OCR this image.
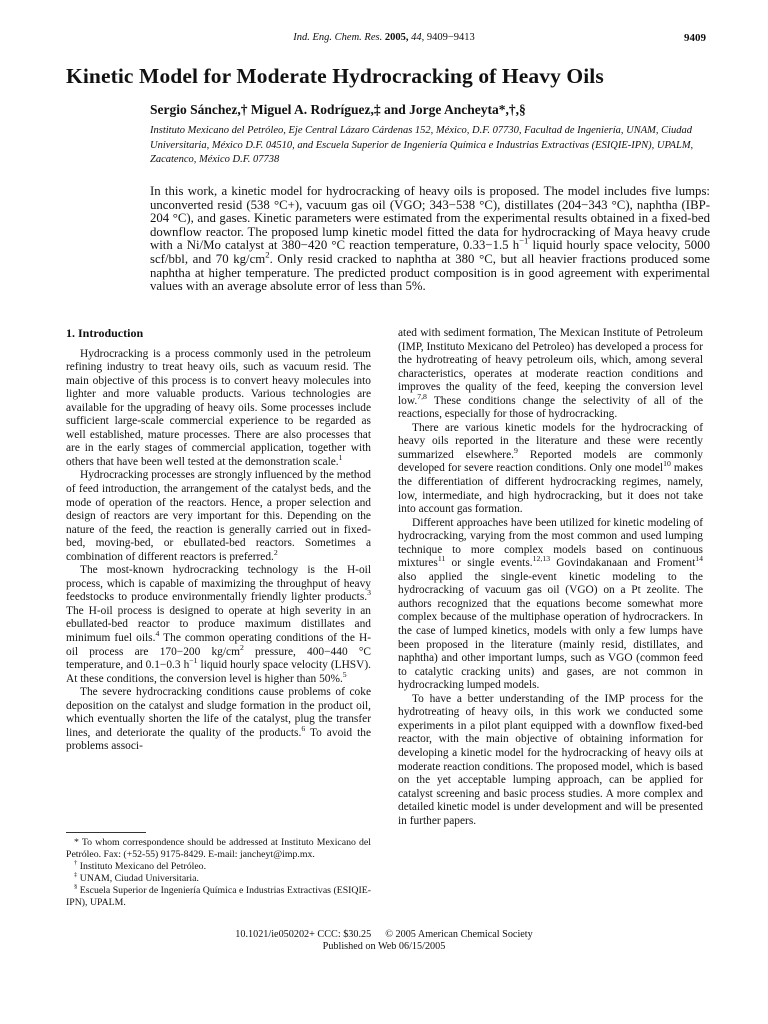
Ind. Eng. Chem. Res. 2005, 44, 9409−9413	9409
Kinetic Model for Moderate Hydrocracking of Heavy Oils
Sergio Sánchez,† Miguel A. Rodríguez,‡ and Jorge Ancheyta*,†,§
Instituto Mexicano del Petróleo, Eje Central Lázaro Cárdenas 152, México, D.F. 07730, Facultad de Ingeniería, UNAM, Ciudad Universitaria, México D.F. 04510, and Escuela Superior de Ingeniería Química e Industrias Extractivas (ESIQIE-IPN), UPALM, Zacatenco, México D.F. 07738
In this work, a kinetic model for hydrocracking of heavy oils is proposed. The model includes five lumps: unconverted resid (538 °C+), vacuum gas oil (VGO; 343−538 °C), distillates (204−343 °C), naphtha (IBP-204 °C), and gases. Kinetic parameters were estimated from the experimental results obtained in a fixed-bed downflow reactor. The proposed lump kinetic model fitted the data for hydrocracking of Maya heavy crude with a Ni/Mo catalyst at 380−420 °C reaction temperature, 0.33−1.5 $h^{-1}$ liquid hourly space velocity, 5000 scf/bbl, and 70 $kg/cm^2$. Only resid cracked to naphtha at 380 °C, but all heavier fractions produced some naphtha at higher temperature. The predicted product composition is in good agreement with experimental values with an average absolute error of less than 5%.
1. Introduction

Hydrocracking is a process commonly used in the petroleum refining industry to treat heavy oils, such as vacuum resid. The main objective of this process is to convert heavy molecules into lighter and more valuable products. Various technologies are available for the upgrading of heavy oils. Some processes include sufficient large-scale commercial experience to be regarded as well established, mature processes. There are also processes that are in the early stages of commercial application, together with others that have been well tested at the demonstration scale.$^1$

Hydrocracking processes are strongly influenced by the method of feed introduction, the arrangement of the catalyst beds, and the mode of operation of the reactors. Hence, a proper selection and design of reactors are very important for this. Depending on the nature of the feed, the reaction is generally carried out in fixed-bed, moving-bed, or ebullated-bed reactors. Sometimes a combination of different reactors is preferred.$^2$

The most-known hydrocracking technology is the H-oil process, which is capable of maximizing the throughput of heavy feedstocks to produce environmentally friendly lighter products.$^3$ The H-oil process is designed to operate at high severity in an ebullated-bed reactor to produce maximum distillates and minimum fuel oils.$^4$ The common operating conditions of the H-oil process are 170−200 $kg/cm^2$ pressure, 400−440 °C temperature, and 0.1−0.3 $h^{-1}$ liquid hourly space velocity (LHSV). At these conditions, the conversion level is higher than 50%.$^5$

The severe hydrocracking conditions cause problems of coke deposition on the catalyst and sludge formation in the product oil, which eventually shorten the life of the catalyst, plug the transfer lines, and deteriorate the quality of the products.$^6$ To avoid the problems associ-

ated with sediment formation, The Mexican Institute of Petroleum (IMP, Instituto Mexicano del Petroleo) has developed a process for the hydrotreating of heavy petroleum oils, which, among several characteristics, operates at moderate reaction conditions and improves the quality of the feed, keeping the conversion level low.$^{7,8}$ These conditions change the selectivity of all of the reactions, especially for those of hydrocracking.

There are various kinetic models for the hydrocracking of heavy oils reported in the literature and these were recently summarized elsewhere.$^9$ Reported models are commonly developed for severe reaction conditions. Only one model$^{10}$ makes the differentiation of different hydrocracking regimes, namely, low, intermediate, and high hydrocracking, but it does not take into account gas formation.

Different approaches have been utilized for kinetic modeling of hydrocracking, varying from the most common and used lumping technique to more complex models based on continuous mixtures$^{11}$ or single events.$^{12,13}$ Govindakanaan and Froment$^{14}$ also applied the single-event kinetic modeling to the hydrocracking of vacuum gas oil (VGO) on a Pt zeolite. The authors recognized that the equations become somewhat more complex because of the multiphase operation of hydrocrackers. In the case of lumped kinetics, models with only a few lumps have been proposed in the literature (mainly resid, distillates, and naphtha) and other important lumps, such as VGO (common feed to catalytic cracking units) and gases, are not common in hydrocracking lumped models.

To have a better understanding of the IMP process for the hydrotreating of heavy oils, in this work we conducted some experiments in a pilot plant equipped with a downflow fixed-bed reactor, with the main objective of obtaining information for developing a kinetic model for the hydrocracking of heavy oils at moderate reaction conditions. The proposed model, which is based on the yet acceptable lumping approach, can be applied for catalyst screening and basic process studies. A more complex and detailed kinetic model is under development and will be presented in further papers.

* To whom correspondence should be addressed at Instituto Mexicano del Petróleo. Fax: (+52-55) 9175-8429. E-mail: jancheyt@imp.mx.

† Instituto Mexicano del Petróleo.

‡ UNAM, Ciudad Universitaria.

§ Escuela Superior de Ingeniería Química e Industrias Extractivas (ESIQIE-IPN), UPALM.

10.1021/ie050202+ CCC: $30.25 © 2005 American Chemical Society
Published on Web 06/15/2005
